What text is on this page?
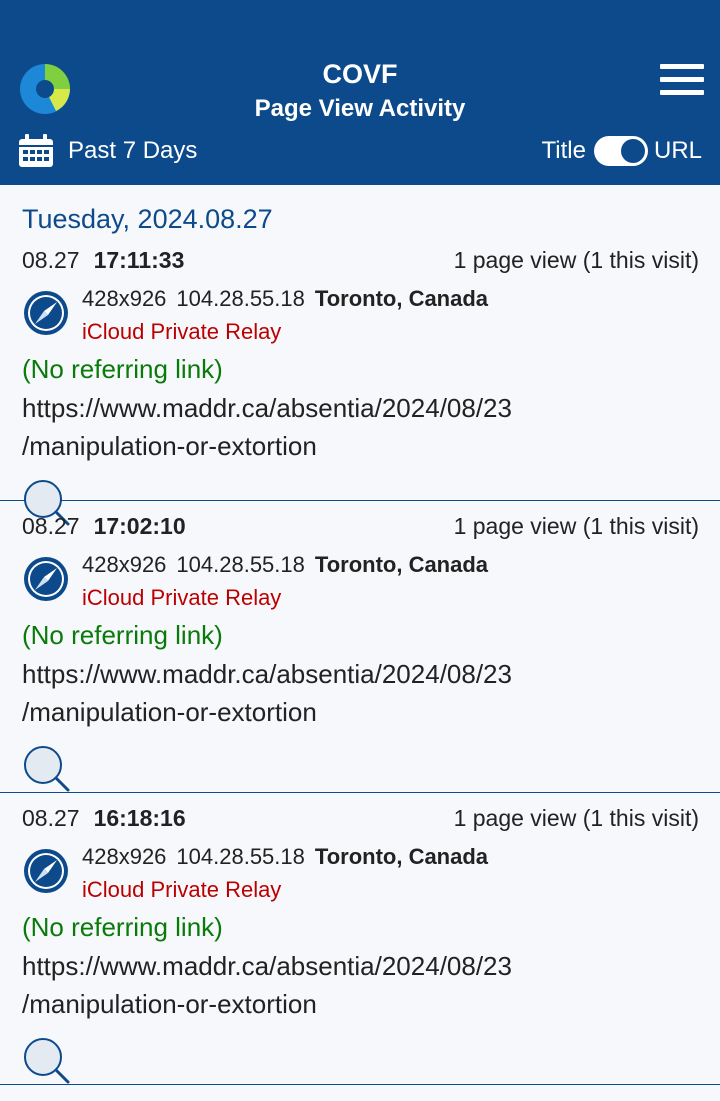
COVF
Page View Activity
Past 7 Days	Title	URL
Tuesday, 2024.08.27
08.27 17:11:33	1 page view (1 this visit)
428x926 104.28.55.18 Toronto, Canada
iCloud Private Relay
(No referring link)
https://www.maddr.ca/absentia/2024/08/23
/manipulation-or-extortion
08.27 17:02:10	1 page view (1 this visit)
428x926 104.28.55.18 Toronto, Canada
iCloud Private Relay
(No referring link)
https://www.maddr.ca/absentia/2024/08/23
/manipulation-or-extortion
08.27 16:18:16	1 page view (1 this visit)
428x926 104.28.55.18 Toronto, Canada
iCloud Private Relay
(No referring link)
https://www.maddr.ca/absentia/2024/08/23
/manipulation-or-extortion
